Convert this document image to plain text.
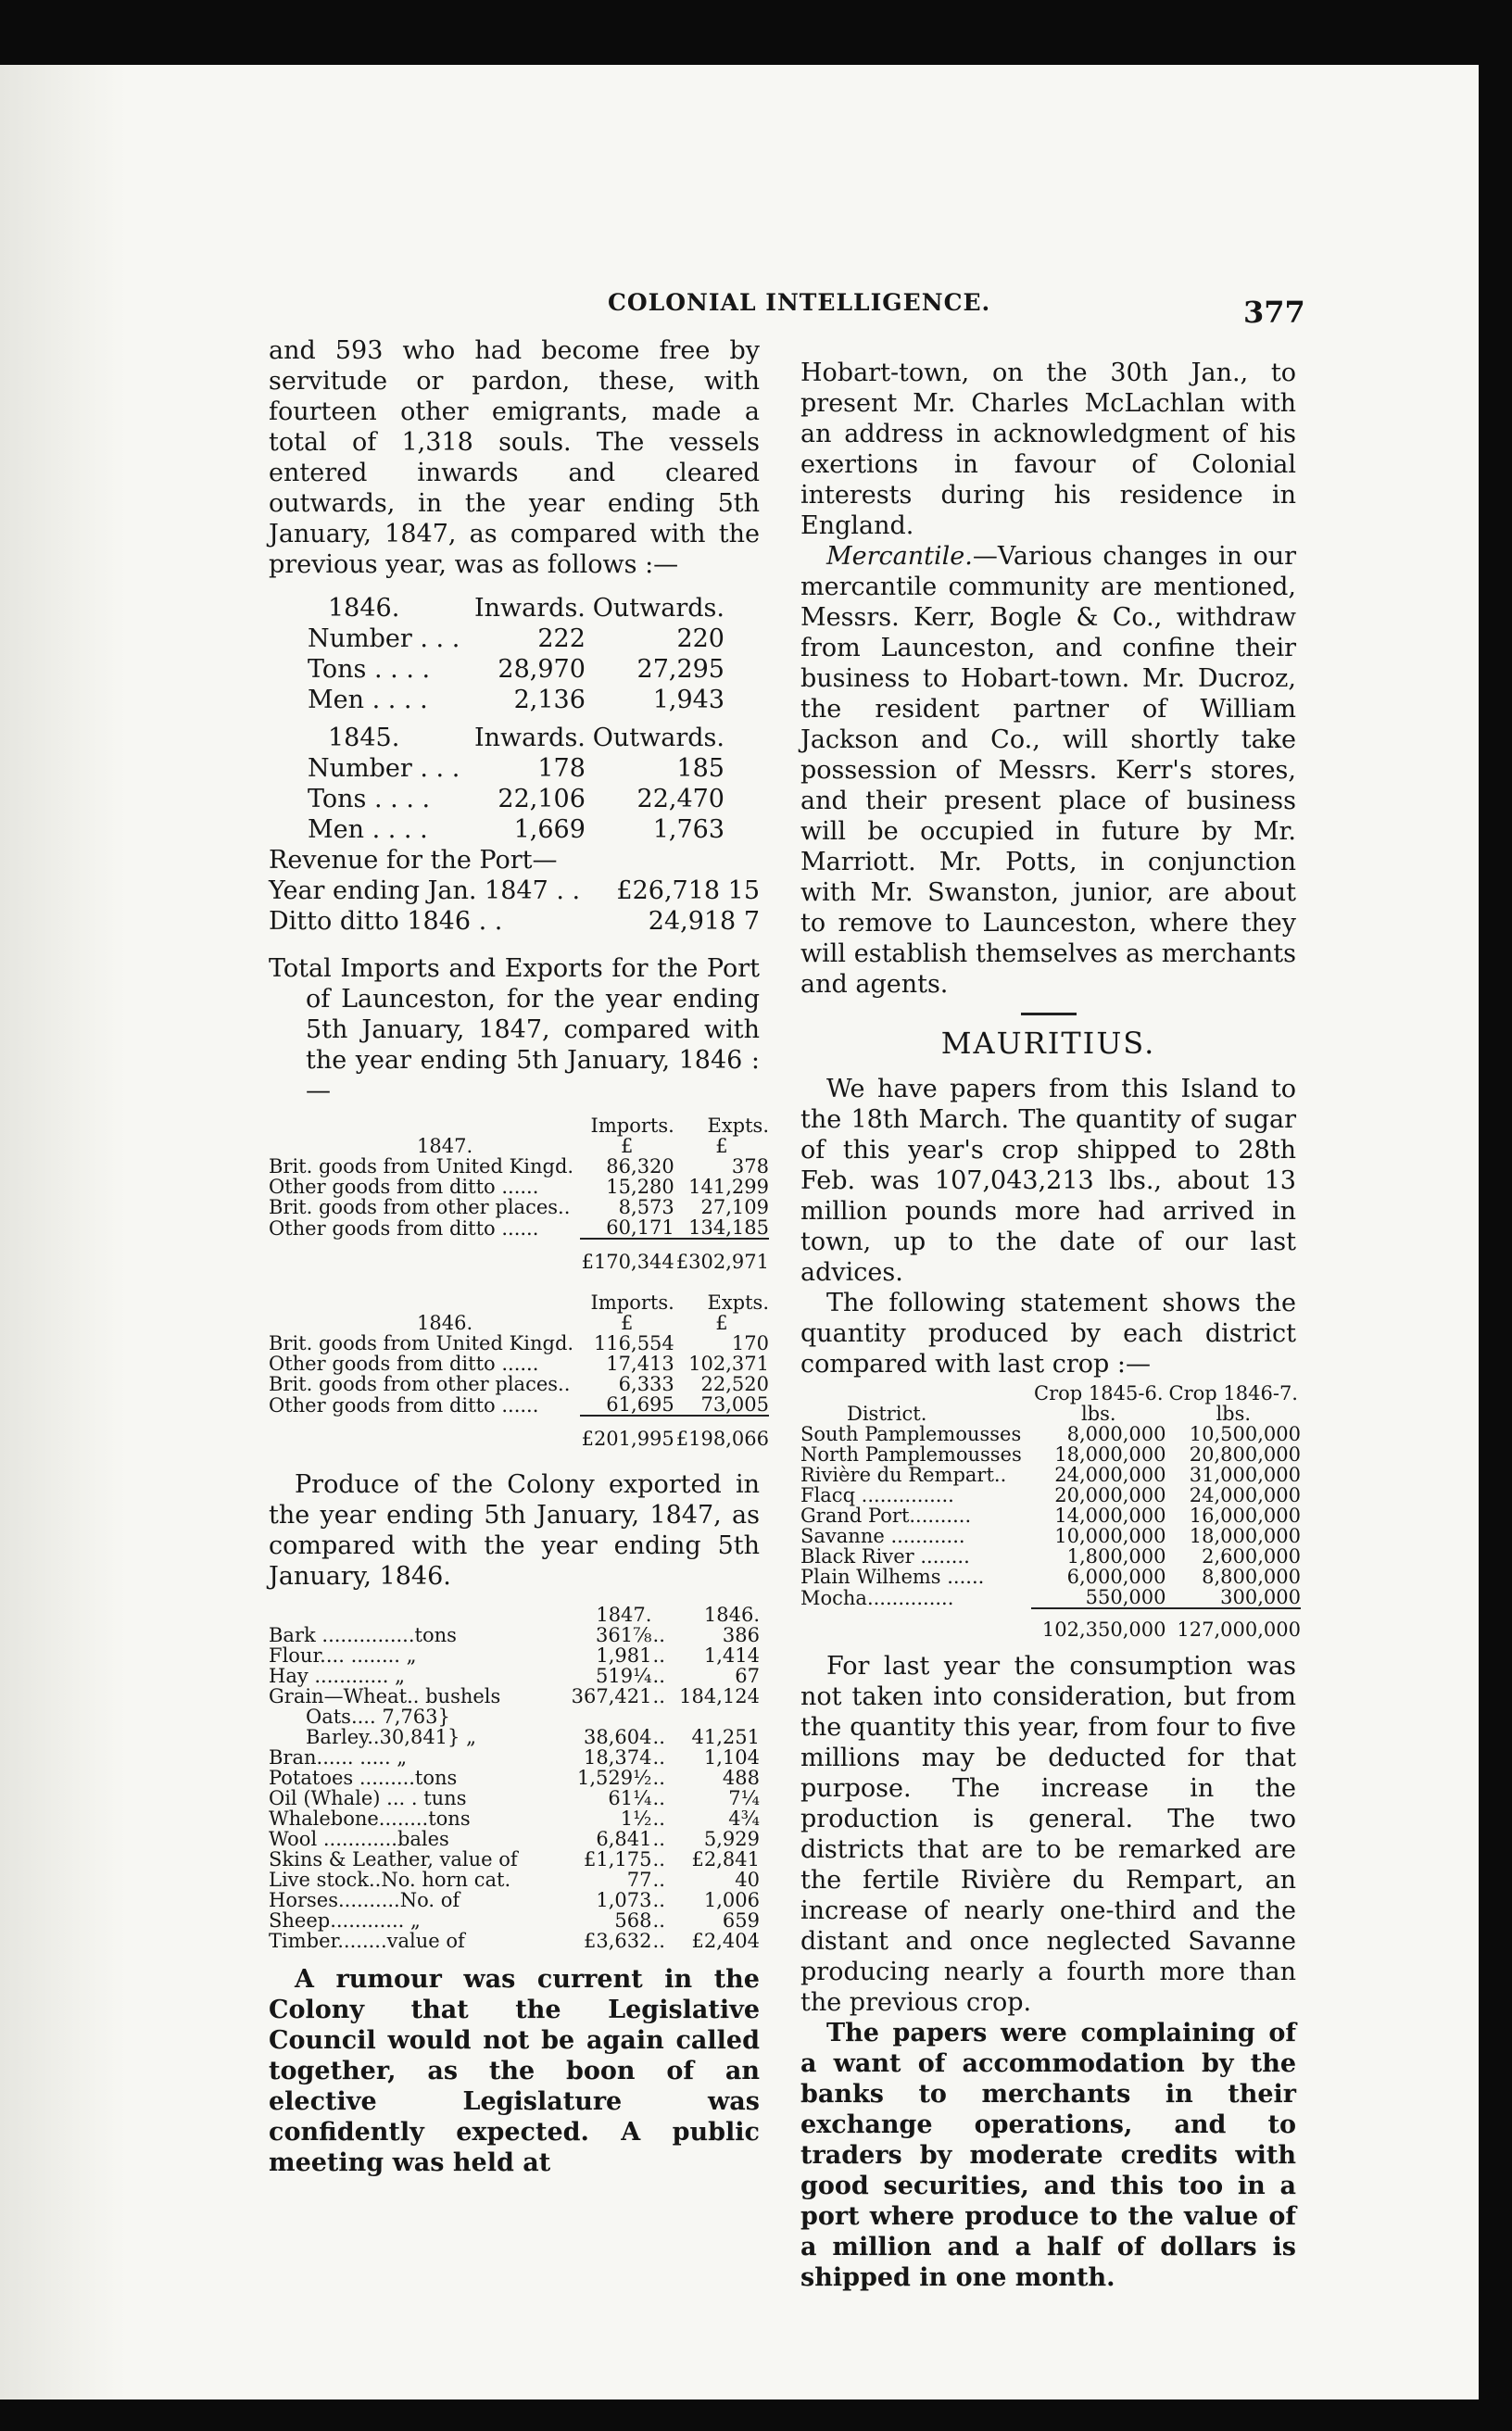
COLONIAL INTELLIGENCE.	377

and 593 who had become free by servitude or pardon, these, with fourteen other emigrants, made a total of 1,318 souls. The vessels entered inwards and cleared outwards, in the year ending 5th January, 1847, as compared with the previous year, was as follows :—

1846.	Inwards.	Outwards.
Number . . .	222	220
Tons . . . .	28,970	27,295
Men . . . .	2,136	1,943
1845.	Inwards.	Outwards.
Number . . .	178	185
Tons . . . .	22,106	22,470
Men . . . .	1,669	1,763
Revenue for the Port—
Year ending Jan. 1847 . .	£26,718 15
Ditto ditto 1846 . .	24,918 7

Total Imports and Exports for the Port of Launceston, for the year ending 5th January, 1847, compared with the year ending 5th January, 1846 :—

	Imports.	Expts.
1847.	£	£
Brit. goods from United Kingd.	86,320	378
Other goods from ditto ......	15,280	141,299
Brit. goods from other places..	8,573	27,109
Other goods from ditto ......	60,171	134,185

	£170,344	£302,971
	Imports.	Expts.
1846.	£	£
Brit. goods from United Kingd.	116,554	170
Other goods from ditto ......	17,413	102,371
Brit. goods from other places..	6,333	22,520
Other goods from ditto ......	61,695	73,005

	£201,995	£198,066

Produce of the Colony exported in the year ending 5th January, 1847, as compared with the year ending 5th January, 1846.

	1847.		1846.
Bark ...............tons	361⅞	..	386
Flour.... ........ „	1,981	..	1,414
Hay ............ „	519¼	..	67
Grain—Wheat.. bushels	367,421	..	184,124
Oats.... 7,763}			
Barley..30,841} „	38,604	..	41,251
Bran...... ..... „	18,374	..	1,104
Potatoes .........tons	1,529½	..	488
Oil (Whale) ... . tuns	61¼	..	7¼
Whalebone........tons	1½	..	4¾
Wool ............bales	6,841	..	5,929
Skins & Leather, value of	£1,175	..	£2,841
Live stock..No. horn cat.	77	..	40
Horses..........No. of	1,073	..	1,006
Sheep............ „	568	..	659
Timber........value of	£3,632	..	£2,404

A rumour was current in the Colony that the Legislative Council would not be again called together, as the boon of an elective Legislature was confidently expected. A public meeting was held at

Hobart-town, on the 30th Jan., to present Mr. Charles McLachlan with an address in acknowledgment of his exertions in favour of Colonial interests during his residence in England.

Mercantile.—Various changes in our mercantile community are mentioned, Messrs. Kerr, Bogle & Co., withdraw from Launceston, and confine their business to Hobart-town. Mr. Ducroz, the resident partner of William Jackson and Co., will shortly take possession of Messrs. Kerr's stores, and their present place of business will be occupied in future by Mr. Marriott. Mr. Potts, in conjunction with Mr. Swanston, junior, are about to remove to Launceston, where they will establish themselves as merchants and agents.

MAURITIUS.

We have papers from this Island to the 18th March. The quantity of sugar of this year's crop shipped to 28th Feb. was 107,043,213 lbs., about 13 million pounds more had arrived in town, up to the date of our last advices.

The following statement shows the quantity produced by each district compared with last crop :—

	Crop 1845-6.	Crop 1846-7.
District.	lbs.	lbs.
South Pamplemousses	8,000,000	10,500,000
North Pamplemousses	18,000,000	20,800,000
Rivière du Rempart..	24,000,000	31,000,000
Flacq ...............	20,000,000	24,000,000
Grand Port..........	14,000,000	16,000,000
Savanne ............	10,000,000	18,000,000
Black River ........	1,800,000	2,600,000
Plain Wilhems ......	6,000,000	8,800,000
Mocha..............	550,000	300,000

	102,350,000	127,000,000

For last year the consumption was not taken into consideration, but from the quantity this year, from four to five millions may be deducted for that purpose. The increase in the production is general. The two districts that are to be remarked are the fertile Rivière du Rempart, an increase of nearly one-third and the distant and once neglected Savanne producing nearly a fourth more than the previous crop.

The papers were complaining of a want of accommodation by the banks to merchants in their exchange operations, and to traders by moderate credits with good securities, and this too in a port where produce to the value of a million and a half of dollars is shipped in one month.
